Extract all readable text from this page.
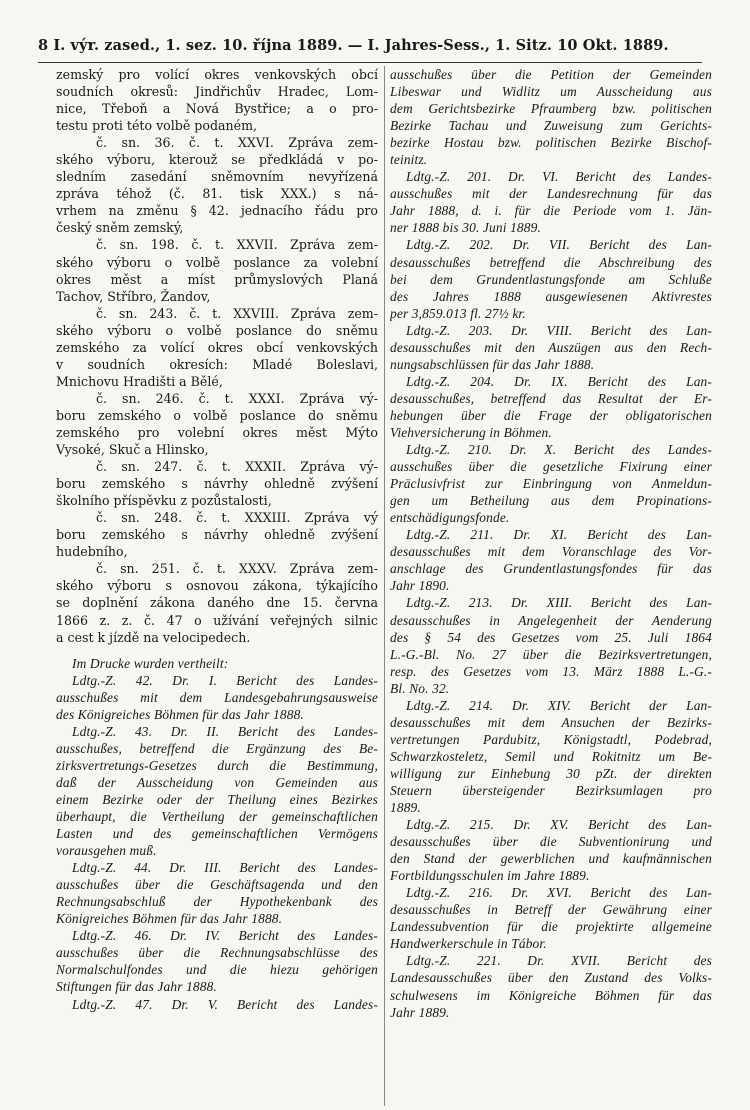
8 I. výr. zased., 1. sez. 10. října 1889. — I. Jahres-Sess., 1. Sitz. 10 Okt. 1889.
zemský pro volící okres venkovských obcí
soudních okresů: Jindřichův Hradec, Lom-
nice, Třeboň a Nová Bystřice; a o pro-
testu proti této volbě podaném,
č. sn. 36. č. t. XXVI. Zpráva zem-
ského výboru, kterouž se předkládá v po-
sledním zasedání sněmovním nevyřízená
zpráva téhož (č. 81. tisk XXX.) s ná-
vrhem na změnu § 42. jednacího řádu pro
český sněm zemský,
č. sn. 198. č. t. XXVII. Zpráva zem-
ského výboru o volbě poslance za volební
okres měst a míst průmyslových Planá
Tachov, Stříbro, Žandov,
č. sn. 243. č. t. XXVIII. Zpráva zem-
ského výboru o volbě poslance do sněmu
zemského za volící okres obcí venkovských
v soudních okresích: Mladé Boleslavi,
Mnichovu Hradišti a Bělé,
č. sn. 246. č. t. XXXI. Zpráva vý-
boru zemského o volbě poslance do sněmu
zemského pro volební okres měst Mýto
Vysoké, Skuč a Hlinsko,
č. sn. 247. č. t. XXXII. Zpráva vý-
boru zemského s návrhy ohledně zvýšení
školního příspěvku z pozůstalosti,
č. sn. 248. č. t. XXXIII. Zpráva vý
boru zemského s návrhy ohledně zvýšení
hudebního,
č. sn. 251. č. t. XXXV. Zpráva zem-
ského výboru s osnovou zákona, týkajícího
se doplnění zákona daného dne 15. června
1866 z. z. č. 47 o užívání veřejných silnic
a cest k jízdě na velocipedech.
Im Drucke wurden vertheilt:
Ldtg.-Z. 42. Dr. I. Bericht des Landes-
ausschußes mit dem Landesgebahrungsausweise
des Königreiches Böhmen für das Jahr 1888.
Ldtg.-Z. 43. Dr. II. Bericht des Landes-
ausschußes, betreffend die Ergänzung des Be-
zirksvertretungs-Gesetzes durch die Bestimmung,
daß der Ausscheidung von Gemeinden aus
einem Bezirke oder der Theilung eines Bezirkes
überhaupt, die Vertheilung der gemeinschaftlichen
Lasten und des gemeinschaftlichen Vermögens
vorausgehen muß.
Ldtg.-Z. 44. Dr. III. Bericht des Landes-
ausschußes über die Geschäftsagenda und den
Rechnungsabschluß der Hypothekenbank des
Königreiches Böhmen für das Jahr 1888.
Ldtg.-Z. 46. Dr. IV. Bericht des Landes-
ausschußes über die Rechnungsabschlüsse des
Normalschulfondes und die hiezu gehörigen
Stiftungen für das Jahr 1888.
Ldtg.-Z. 47. Dr. V. Bericht des Landes-
ausschußes über die Petition der Gemeinden
Libeswar und Widlitz um Ausscheidung aus
dem Gerichtsbezirke Pfraumberg bzw. politischen
Bezirke Tachau und Zuweisung zum Gerichts-
bezirke Hostau bzw. politischen Bezirke Bischof-
teinitz.
Ldtg.-Z. 201. Dr. VI. Bericht des Landes-
ausschußes mit der Landesrechnung für das
Jahr 1888, d. i. für die Periode vom 1. Jän-
ner 1888 bis 30. Juni 1889.
Ldtg.-Z. 202. Dr. VII. Bericht des Lan-
desausschußes betreffend die Abschreibung des
bei dem Grundentlastungsfonde am Schluße
des Jahres 1888 ausgewiesenen Aktivrestes
per 3,859.013 fl. 27½ kr.
Ldtg.-Z. 203. Dr. VIII. Bericht des Lan-
desausschußes mit den Auszügen aus den Rech-
nungsabschlüssen für das Jahr 1888.
Ldtg.-Z. 204. Dr. IX. Bericht des Lan-
desausschußes, betreffend das Resultat der Er-
hebungen über die Frage der obligatorischen
Viehversicherung in Böhmen.
Ldtg.-Z. 210. Dr. X. Bericht des Landes-
ausschußes über die gesetzliche Fixirung einer
Präclusivfrist zur Einbringung von Anmeldun-
gen um Betheilung aus dem Propinations-
entschädigungsfonde.
Ldtg.-Z. 211. Dr. XI. Bericht des Lan-
desausschußes mit dem Voranschlage des Vor-
anschlage des Grundentlastungsfondes für das
Jahr 1890.
Ldtg.-Z. 213. Dr. XIII. Bericht des Lan-
desausschußes in Angelegenheit der Aenderung
des § 54 des Gesetzes vom 25. Juli 1864
L.-G.-Bl. No. 27 über die Bezirksvertretungen,
resp. des Gesetzes vom 13. März 1888 L.-G.-
Bl. No. 32.
Ldtg.-Z. 214. Dr. XIV. Bericht der Lan-
desausschußes mit dem Ansuchen der Bezirks-
vertretungen Pardubitz, Königstadtl, Podebrad,
Schwarzkosteletz, Semil und Rokitnitz um Be-
willigung zur Einhebung 30 pZt. der direkten
Steuern übersteigender Bezirksumlagen pro
1889.
Ldtg.-Z. 215. Dr. XV. Bericht des Lan-
desausschußes über die Subventionirung und
den Stand der gewerblichen und kaufmännischen
Fortbildungsschulen im Jahre 1889.
Ldtg.-Z. 216. Dr. XVI. Bericht des Lan-
desausschußes in Betreff der Gewährung einer
Landessubvention für die projektirte allgemeine
Handwerkerschule in Tábor.
Ldtg.-Z. 221. Dr. XVII. Bericht des
Landesausschußes über den Zustand des Volks-
schulwesens im Königreiche Böhmen für das
Jahr 1889.
